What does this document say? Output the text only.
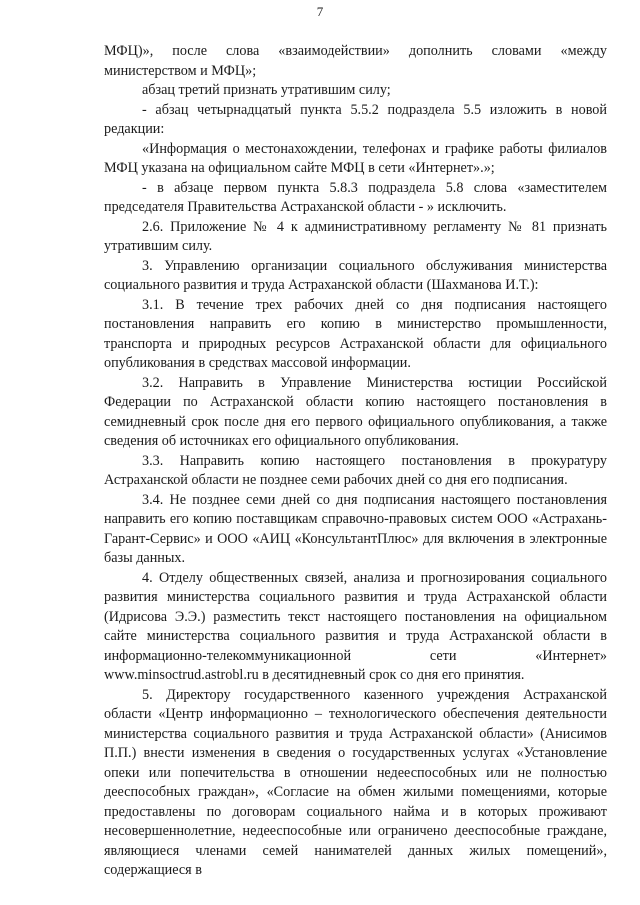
7

МФЦ)», после слова «взаимодействии» дополнить словами «между министерством и МФЦ»;

абзац третий признать утратившим силу;

- абзац четырнадцатый пункта 5.5.2 подраздела 5.5 изложить в новой редакции:

«Информация о местонахождении, телефонах и графике работы филиалов МФЦ указана на официальном сайте МФЦ в сети «Интернет».»;

- в абзаце первом пункта 5.8.3 подраздела 5.8 слова «заместителем председателя Правительства Астраханской области - » исключить.

2.6. Приложение № 4 к административному регламенту № 81 признать утратившим силу.

3. Управлению организации социального обслуживания министерства социального развития и труда Астраханской области (Шахманова И.Т.):

3.1. В течение трех рабочих дней со дня подписания настоящего постановления направить его копию в министерство промышленности, транспорта и природных ресурсов Астраханской области для официального опубликования в средствах массовой информации.

3.2. Направить в Управление Министерства юстиции Российской Федерации по Астраханской области копию настоящего постановления в семидневный срок после дня его первого официального опубликования, а также сведения об источниках его официального опубликования.

3.3. Направить копию настоящего постановления в прокуратуру Астраханской области не позднее семи рабочих дней со дня его подписания.

3.4. Не позднее семи дней со дня подписания настоящего постановления направить его копию поставщикам справочно-правовых систем ООО «Астрахань-Гарант-Сервис» и ООО «АИЦ «КонсультантПлюс» для включения в электронные базы данных.

4. Отделу общественных связей, анализа и прогнозирования социального развития министерства социального развития и труда Астраханской области (Идрисова Э.Э.) разместить текст настоящего постановления на официальном сайте министерства социального развития и труда Астраханской области в информационно-телекоммуникационной сети «Интернет» www.minsoctrud.astrobl.ru в десятидневный срок со дня его принятия.

5. Директору государственного казенного учреждения Астраханской области «Центр информационно – технологического обеспечения деятельности министерства социального развития и труда Астраханской области» (Анисимов П.П.) внести изменения в сведения о государственных услугах «Установление опеки или попечительства в отношении недееспособных или не полностью дееспособных граждан», «Согласие на обмен жилыми помещениями, которые предоставлены по договорам социального найма и в которых проживают несовершеннолетние, недееспособные или ограничено дееспособные граждане, являющиеся членами семей нанимателей данных жилых помещений», содержащиеся в
